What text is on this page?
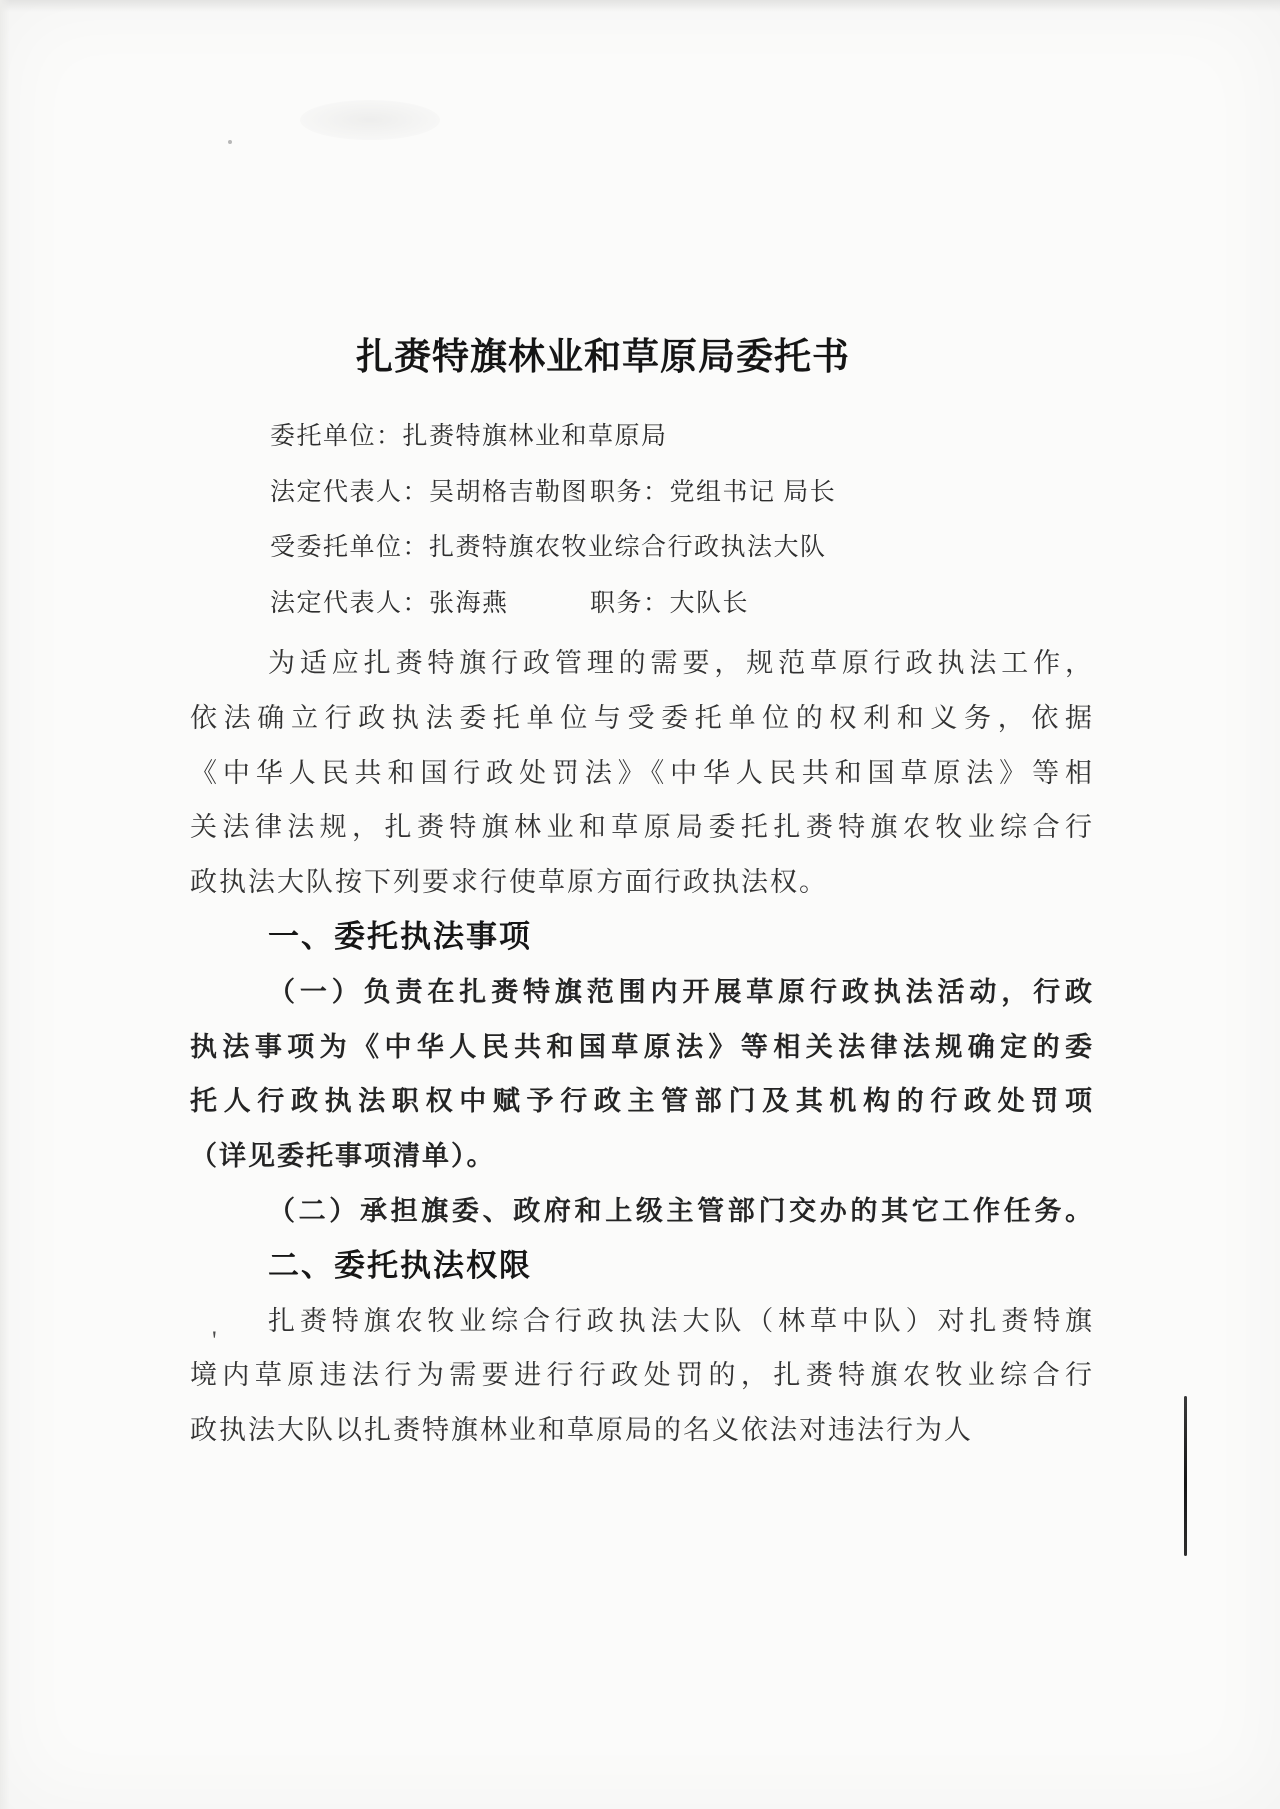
扎赉特旗林业和草原局委托书
委托单位：扎赉特旗林业和草原局
法定代表人：吴胡格吉勒图 职务：党组书记 局长
受委托单位：扎赉特旗农牧业综合行政执法大队
法定代表人：张海燕	职务：大队长
为适应扎赉特旗行政管理的需要，规范草原行政执法工作，
依法确立行政执法委托单位与受委托单位的权利和义务，依据
《中华人民共和国行政处罚法》《中华人民共和国草原法》等相
关法律法规，扎赉特旗林业和草原局委托扎赉特旗农牧业综合行
政执法大队按下列要求行使草原方面行政执法权。
一、委托执法事项
（一）负责在扎赉特旗范围内开展草原行政执法活动，行政
执法事项为《中华人民共和国草原法》等相关法律法规确定的委
托人行政执法职权中赋予行政主管部门及其机构的行政处罚项
（详见委托事项清单）。
（二）承担旗委、政府和上级主管部门交办的其它工作任务。
二、委托执法权限
扎赉特旗农牧业综合行政执法大队（林草中队）对扎赉特旗
境内草原违法行为需要进行行政处罚的，扎赉特旗农牧业综合行
政执法大队以扎赉特旗林业和草原局的名义依法对违法行为人
'
